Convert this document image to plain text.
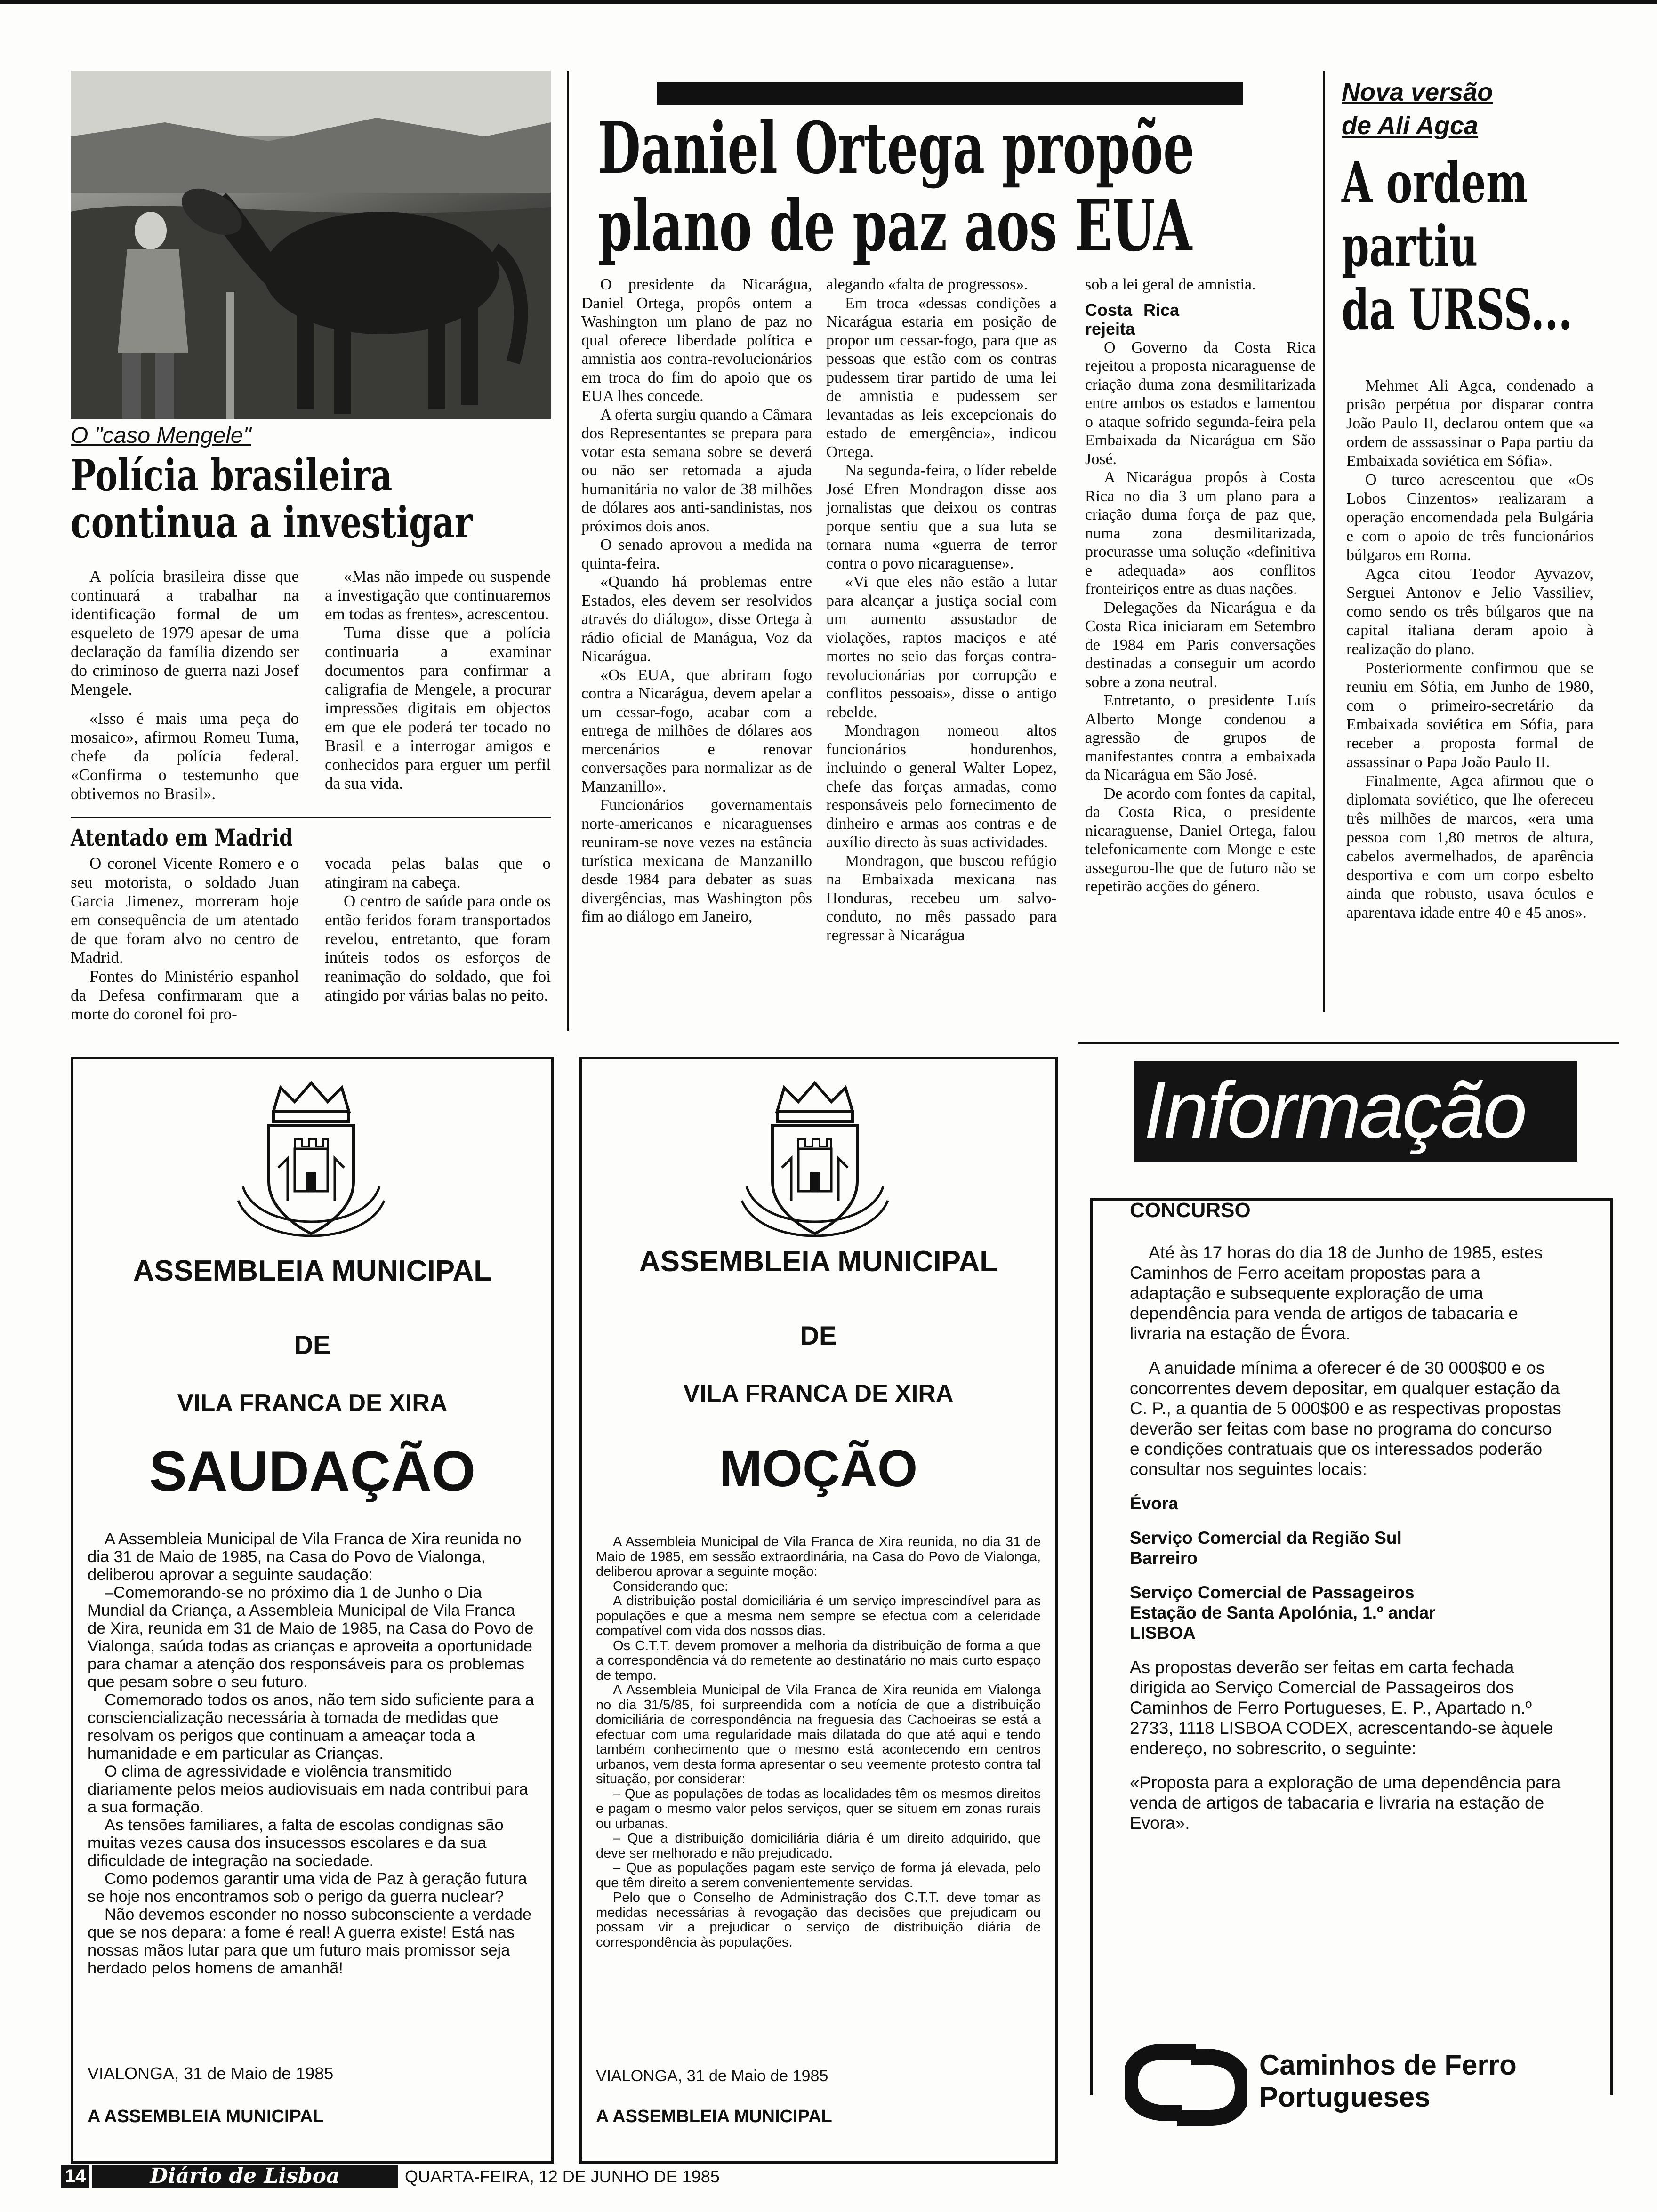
O "caso Mengele"
Polícia brasileira
continua a investigar

A polícia brasileira disse que continuará a trabalhar na identificação formal de um esqueleto de 1979 apesar de uma declaração da família dizendo ser do criminoso de guerra nazi Josef Mengele.

«Isso é mais uma peça do mosaico», afirmou Romeu Tuma, chefe da polícia federal. «Confirma o testemunho que obtivemos no Brasil».

«Mas não impede ou suspende a investigação que continuaremos em todas as frentes», acrescentou.

Tuma disse que a polícia continuaria a examinar documentos para confirmar a caligrafia de Mengele, a procurar impressões digitais em objectos em que ele poderá ter tocado no Brasil e a interrogar amigos e conhecidos para erguer um perfil da sua vida.

Atentado em Madrid

O coronel Vicente Romero e o seu motorista, o soldado Juan Garcia Jimenez, morreram hoje em consequência de um atentado de que foram alvo no centro de Madrid.

Fontes do Ministério espanhol da Defesa confirmaram que a morte do coronel foi pro-

vocada pelas balas que o atingiram na cabeça.

O centro de saúde para onde os então feridos foram transportados revelou, entretanto, que foram inúteis todos os esforços de reanimação do soldado, que foi atingido por várias balas no peito.

Daniel Ortega propõe
plano de paz aos EUA

O presidente da Nicarágua, Daniel Ortega, propôs ontem a Washington um plano de paz no qual oferece liberdade política e amnistia aos contra-revolucionários em troca do fim do apoio que os EUA lhes concede.

A oferta surgiu quando a Câmara dos Representantes se prepara para votar esta semana sobre se deverá ou não ser retomada a ajuda humanitária no valor de 38 milhões de dólares aos anti-sandinistas, nos próximos dois anos.

O senado aprovou a medida na quinta-feira.

«Quando há problemas entre Estados, eles devem ser resolvidos através do diálogo», disse Ortega à rádio oficial de Manágua, Voz da Nicarágua.

«Os EUA, que abriram fogo contra a Nicarágua, devem apelar a um cessar-fogo, acabar com a entrega de milhões de dólares aos mercenários e renovar conversações para normalizar as de Manzanillo».

Funcionários governamentais norte-americanos e nicaraguenses reuniram-se nove vezes na estância turística mexicana de Manzanillo desde 1984 para debater as suas divergências, mas Washington pôs fim ao diálogo em Janeiro,

alegando «falta de progressos».

Em troca «dessas condições a Nicarágua estaria em posição de propor um cessar-fogo, para que as pessoas que estão com os contras pudessem tirar partido de uma lei de amnistia e pudessem ser levantadas as leis excepcionais do estado de emergência», indicou Ortega.

Na segunda-feira, o líder rebelde José Efren Mondragon disse aos jornalistas que deixou os contras porque sentiu que a sua luta se tornara numa «guerra de terror contra o povo nicaraguense».

«Vi que eles não estão a lutar para alcançar a justiça social com um aumento assustador de violações, raptos maciços e até mortes no seio das forças contra-revolucionárias por corrupção e conflitos pessoais», disse o antigo rebelde.

Mondragon nomeou altos funcionários hondurenhos, incluindo o general Walter Lopez, chefe das forças armadas, como responsáveis pelo fornecimento de dinheiro e armas aos contras e de auxílio directo às suas actividades.

Mondragon, que buscou refúgio na Embaixada mexicana nas Honduras, recebeu um salvo-conduto, no mês passado para regressar à Nicarágua

sob a lei geral de amnistia.

Costa Rica rejeita

O Governo da Costa Rica rejeitou a proposta nicaraguense de criação duma zona desmilitarizada entre ambos os estados e lamentou o ataque sofrido segunda-feira pela Embaixada da Nicarágua em São José.

A Nicarágua propôs à Costa Rica no dia 3 um plano para a criação duma força de paz que, numa zona desmilitarizada, procurasse uma solução «definitiva e adequada» aos conflitos fronteiriços entre as duas nações.

Delegações da Nicarágua e da Costa Rica iniciaram em Setembro de 1984 em Paris conversações destinadas a conseguir um acordo sobre a zona neutral.

Entretanto, o presidente Luís Alberto Monge condenou a agressão de grupos de manifestantes contra a embaixada da Nicarágua em São José.

De acordo com fontes da capital, da Costa Rica, o presidente nicaraguense, Daniel Ortega, falou telefonicamente com Monge e este assegurou-lhe que de futuro não se repetirão acções do género.

Nova versão
de Ali Agca
A ordem
partiu
da URSS...

Mehmet Ali Agca, condenado a prisão perpétua por disparar contra João Paulo II, declarou ontem que «a ordem de asssassinar o Papa partiu da Embaixada soviética em Sófia».

O turco acrescentou que «Os Lobos Cinzentos» realizaram a operação encomendada pela Bulgária e com o apoio de três funcionários búlgaros em Roma.

Agca citou Teodor Ayvazov, Serguei Antonov e Jelio Vassiliev, como sendo os três búlgaros que na capital italiana deram apoio à realização do plano.

Posteriormente confirmou que se reuniu em Sófia, em Junho de 1980, com o primeiro-secretário da Embaixada soviética em Sófia, para receber a proposta formal de assassinar o Papa João Paulo II.

Finalmente, Agca afirmou que o diplomata soviético, que lhe ofereceu três milhões de marcos, «era uma pessoa com 1,80 metros de altura, cabelos avermelhados, de aparência desportiva e com um corpo esbelto ainda que robusto, usava óculos e aparentava idade entre 40 e 45 anos».

ASSEMBLEIA MUNICIPAL
DE
VILA FRANCA DE XIRA
SAUDAÇÃO

A Assembleia Municipal de Vila Franca de Xira reunida no dia 31 de Maio de 1985, na Casa do Povo de Vialonga, deliberou aprovar a seguinte saudação:

–Comemorando-se no próximo dia 1 de Junho o Dia Mundial da Criança, a Assembleia Municipal de Vila Franca de Xira, reunida em 31 de Maio de 1985, na Casa do Povo de Vialonga, saúda todas as crianças e aproveita a oportunidade para chamar a atenção dos responsáveis para os problemas que pesam sobre o seu futuro.

Comemorado todos os anos, não tem sido suficiente para a consciencialização necessária à tomada de medidas que resolvam os perigos que continuam a ameaçar toda a humanidade e em particular as Crianças.

O clima de agressividade e violência transmitido diariamente pelos meios audiovisuais em nada contribui para a sua formação.

As tensões familiares, a falta de escolas condignas são muitas vezes causa dos insucessos escolares e da sua dificuldade de integração na sociedade.

Como podemos garantir uma vida de Paz à geração futura se hoje nos encontramos sob o perigo da guerra nuclear?

Não devemos esconder no nosso subconsciente a verdade que se nos depara: a fome é real! A guerra existe! Está nas nossas mãos lutar para que um futuro mais promissor seja herdado pelos homens de amanhã!

VIALONGA, 31 de Maio de 1985
A ASSEMBLEIA MUNICIPAL
ASSEMBLEIA MUNICIPAL
DE
VILA FRANCA DE XIRA
MOÇÃO

A Assembleia Municipal de Vila Franca de Xira reunida, no dia 31 de Maio de 1985, em sessão extraordinária, na Casa do Povo de Vialonga, deliberou aprovar a seguinte moção:

Considerando que:

A distribuição postal domiciliária é um serviço imprescindível para as populações e que a mesma nem sempre se efectua com a celeridade compatível com vida dos nossos dias.

Os C.T.T. devem promover a melhoria da distribuição de forma a que a correspondência vá do remetente ao destinatário no mais curto espaço de tempo.

A Assembleia Municipal de Vila Franca de Xira reunida em Vialonga no dia 31/5/85, foi surpreendida com a notícia de que a distribuição domiciliária de correspondência na freguesia das Cachoeiras se está a efectuar com uma regularidade mais dilatada do que até aqui e tendo também conhecimento que o mesmo está acontecendo em centros urbanos, vem desta forma apresentar o seu veemente protesto contra tal situação, por considerar:

– Que as populações de todas as localidades têm os mesmos direitos e pagam o mesmo valor pelos serviços, quer se situem em zonas rurais ou urbanas.

– Que a distribuição domiciliária diária é um direito adquirido, que deve ser melhorado e não prejudicado.

– Que as populações pagam este serviço de forma já elevada, pelo que têm direito a serem convenientemente servidas.

Pelo que o Conselho de Administração dos C.T.T. deve tomar as medidas necessárias à revogação das decisões que prejudicam ou possam vir a prejudicar o serviço de distribuição diária de correspondência às populações.

VIALONGA, 31 de Maio de 1985
A ASSEMBLEIA MUNICIPAL
Informação
CONCURSO

Até às 17 horas do dia 18 de Junho de 1985, estes Caminhos de Ferro aceitam propostas para a adaptação e subsequente exploração de uma dependência para venda de artigos de tabacaria e livraria na estação de Évora.

A anuidade mínima a oferecer é de 30 000$00 e os concorrentes devem depositar, em qualquer estação da C. P., a quantia de 5 000$00 e as respectivas propostas deverão ser feitas com base no programa do concurso e condições contratuais que os interessados poderão consultar nos seguintes locais:

Évora
Serviço Comercial da Região Sul
Barreiro
Serviço Comercial de Passageiros
Estação de Santa Apolónia, 1.º andar
LISBOA

As propostas deverão ser feitas em carta fechada dirigida ao Serviço Comercial de Passageiros dos Caminhos de Ferro Portugueses, E. P., Apartado n.º 2733, 1118 LISBOA CODEX, acrescentando-se àquele endereço, no sobrescrito, o seguinte:

«Proposta para a exploração de uma dependência para venda de artigos de tabacaria e livraria na estação de Evora».

Caminhos de Ferro
Portugueses
14	Diário de Lisboa	QUARTA-FEIRA, 12 DE JUNHO DE 1985
